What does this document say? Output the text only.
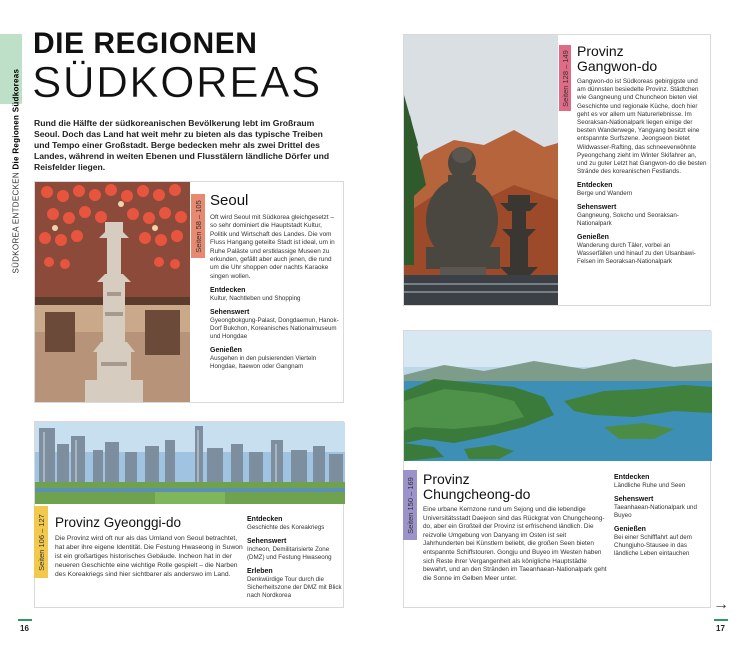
SÜDKOREA ENTDECKEN Die Regionen Südkoreas
DIE REGIONEN
SÜDKOREAS
Rund die Hälfte der südkoreanischen Bevölkerung lebt im Großraum Seoul. Doch das Land hat weit mehr zu bieten als das typische Treiben und Tempo einer Großstadt. Berge bedecken mehr als zwei Drittel des Landes, während in weiten Ebenen und Flusstälern ländliche Dörfer und Reisfelder liegen.
Seiten 58 – 105 Seoul
Oft wird Seoul mit Südkorea gleichgesetzt – so sehr dominiert die Hauptstadt Kultur, Politik und Wirtschaft des Landes. Die vom Fluss Hangang geteilte Stadt ist ideal, um in Ruhe Paläste und erstklassige Museen zu erkunden, gefällt aber auch jenen, die rund um die Uhr shoppen oder nachts Karaoke singen wollen.
Entdecken
Kultur, Nachtleben und Shopping
Sehenswert
Gyeongbokgung-Palast, Dongdaemun, Hanok-Dorf Bukchon, Koreanisches Nationalmuseum und Hongdae
Genießen
Ausgehen in den pulsierenden Vierteln Hongdae, Itaewon oder Gangnam
Seiten 106 – 127 Provinz Gyeonggi-do
Die Provinz wird oft nur als das Umland von Seoul betrachtet, hat aber ihre eigene Identität. Die Festung Hwaseong in Suwon ist ein großartiges historisches Gebäude. Incheon hat in der neueren Geschichte eine wichtige Rolle gespielt – die Narben des Koreakriegs sind hier sichtbarer als anderswo im Land.
Entdecken
Geschichte des Koreakriegs
Sehenswert
Incheon, Demilitarisierte Zone (DMZ) und Festung Hwaseong
Erleben
Denkwürdige Tour durch die Sicherheitszone der DMZ mit Blick nach Nordkorea
16
Seiten 128 – 149 Provinz
Gangwon-do
Gangwon-do ist Südkoreas gebirgigste und am dünnsten besiedelte Provinz. Städtchen wie Gangneung und Chuncheon bieten viel Geschichte und regionale Küche, doch hier geht es vor allem um Naturerlebnisse. Im Seoraksan-Nationalpark liegen einige der besten Wanderwege, Yangyang besitzt eine entspannte Surfszene. Jeongseon bietet Wildwasser-Rafting, das schneeverwöhnte Pyeongchang zieht im Winter Skifahrer an, und zu guter Letzt hat Gangwon-do die besten Strände des koreanischen Festlands.
Entdecken
Berge und Wandern
Sehenswert
Gangneung, Sokcho und Seoraksan-Nationalpark
Genießen
Wanderung durch Täler, vorbei an Wasserfällen und hinauf zu den Ulsanbawi-Felsen im Seoraksan-Nationalpark
Seiten 150 – 169 Provinz
Chungcheong-do
Eine urbane Kernzone rund um Sejong und die lebendige Universitätsstadt Daejeon sind das Rückgrat von Chungcheong-do, aber ein Großteil der Provinz ist erfrischend ländlich. Die reizvolle Umgebung von Danyang im Osten ist seit Jahrhunderten bei Künstlern beliebt, die großen Seen bieten entspannte Schiffstouren. Gongju und Buyeo im Westen haben sich Reste ihrer Vergangenheit als königliche Hauptstädte bewahrt, und an den Stränden im Taeanhaean-Nationalpark geht die Sonne im Gelben Meer unter.
Entdecken
Ländliche Ruhe und Seen
Sehenswert
Taeanhaean-Nationalpark und Buyeo
Genießen
Bei einer Schifffahrt auf dem Chungjuho-Stausee in das ländliche Leben eintauchen
→
17
